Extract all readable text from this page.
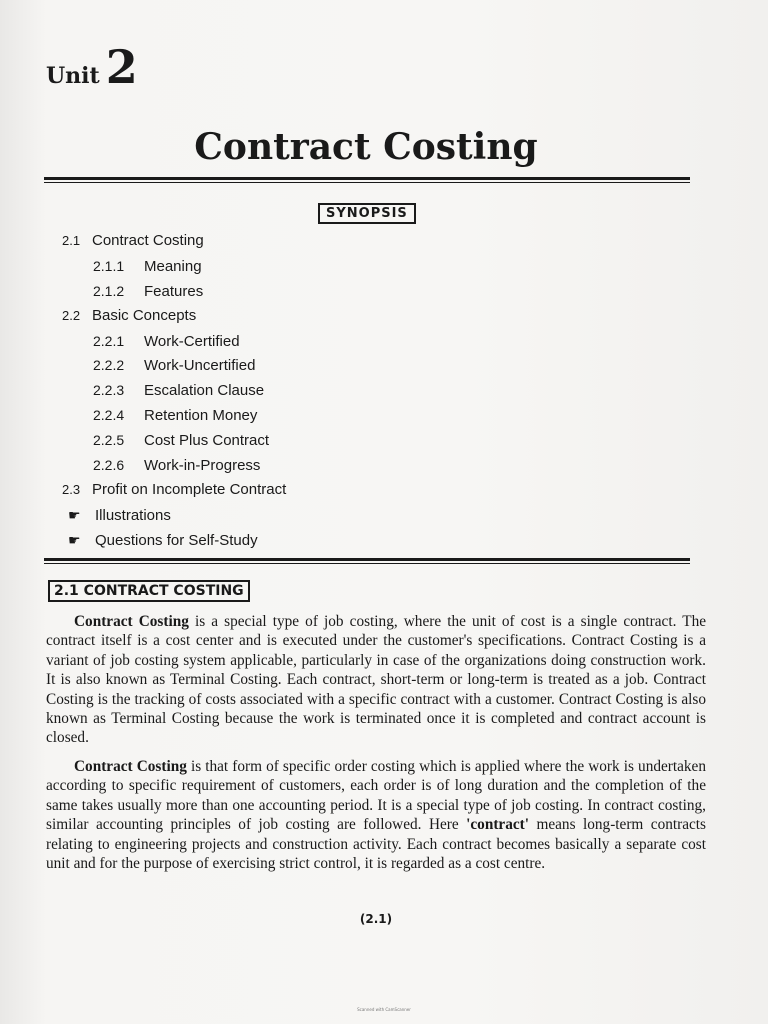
Unit 2
Contract Costing
SYNOPSIS
2.1 Contract Costing
2.1.1 Meaning
2.1.2 Features
2.2 Basic Concepts
2.2.1 Work-Certified
2.2.2 Work-Uncertified
2.2.3 Escalation Clause
2.2.4 Retention Money
2.2.5 Cost Plus Contract
2.2.6 Work-in-Progress
2.3 Profit on Incomplete Contract
☛ Illustrations
☛ Questions for Self-Study
2.1 CONTRACT COSTING
Contract Costing is a special type of job costing, where the unit of cost is a single contract. The contract itself is a cost center and is executed under the customer's specifications. Contract Costing is a variant of job costing system applicable, particularly in case of the organizations doing construction work. It is also known as Terminal Costing. Each contract, short-term or long-term is treated as a job. Contract Costing is the tracking of costs associated with a specific contract with a customer. Contract Costing is also known as Terminal Costing because the work is terminated once it is completed and contract account is closed.
Contract Costing is that form of specific order costing which is applied where the work is undertaken according to specific requirement of customers, each order is of long duration and the completion of the same takes usually more than one accounting period. It is a special type of job costing. In contract costing, similar accounting principles of job costing are followed. Here 'contract' means long-term contracts relating to engineering projects and construction activity. Each contract becomes basically a separate cost unit and for the purpose of exercising strict control, it is regarded as a cost centre.
(2.1)
Scanned with CamScanner
